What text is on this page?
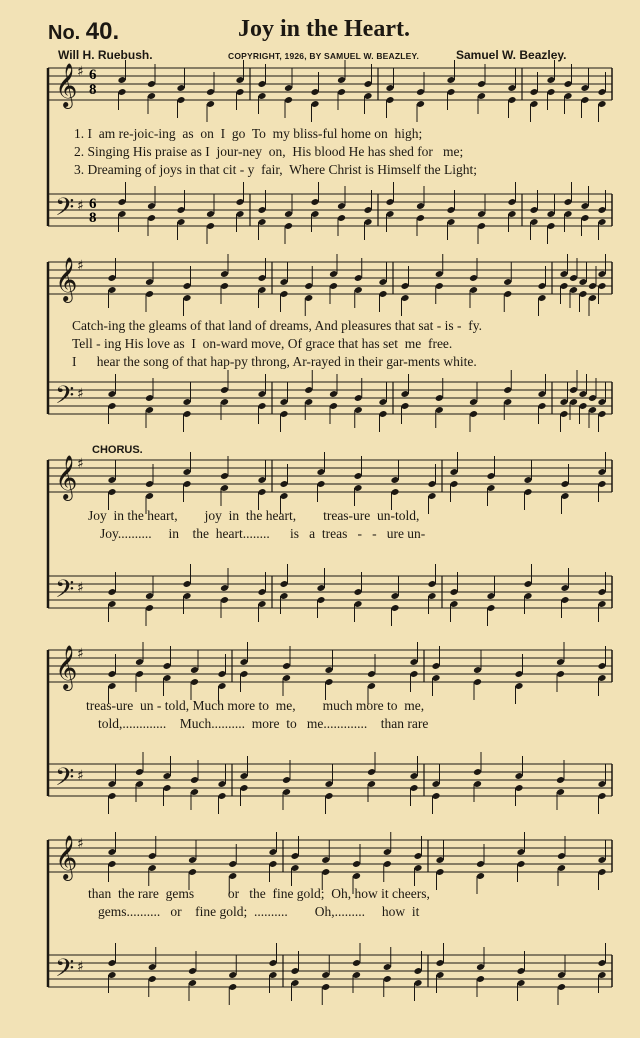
No. 40.	Joy in the Heart.
Will H. Ruebush.	COPYRIGHT, 1926, BY SAMUEL W. BEAZLEY.	Samuel W. Beazley.
6
8
6
8
𝄞
𝄢
♯
♯
𝄞
𝄢
♯
♯
𝄞
𝄢
♯
♯
𝄞
𝄢
♯
♯
𝄞
𝄢
♯
♯
1. I  am re-joic-ing  as  on  I  go  To  my bliss-ful home on  high;
2. Singing His praise as I  jour-ney  on,  His blood He has shed for   me;
3. Dreaming of joys in that cit - y  fair,  Where Christ is Himself the Light;
Catch-ing the gleams of that land of dreams, And pleasures that sat - is -  fy.
Tell - ing His love as  I  on-ward move, Of grace that has set  me  free.
I      hear the song of that hap-py throng, Ar-rayed in their gar-ments white.
CHORUS.
Joy  in the heart,        joy  in  the heart,        treas-ure  un-told,
Joy..........     in    the  heart........      is   a  treas   -   -   ure un-
treas-ure  un - told, Much more to  me,        much more to  me,
told,.............    Much..........  more  to   me.............    than rare
than  the rare  gems          or   the  fine gold;  Oh, how it cheers,
gems..........   or    fine gold;  ..........        Oh,.........     how  it
